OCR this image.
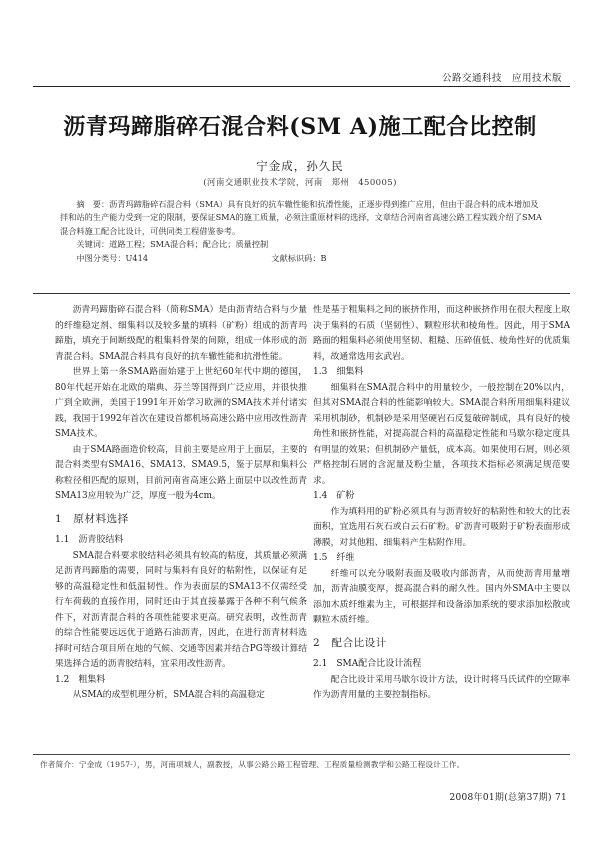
公路交通科技　应用技术版
沥青玛蹄脂碎石混合料(SM A)施工配合比控制
宁金成，孙久民
(河南交通职业技术学院，河南　郑州　450005)

摘　要：沥青玛蹄脂碎石混合料（SMA）具有良好的抗车辙性能和抗滑性能，正逐步得到推广应用，但由于混合料的成本增加及拌和站的生产能力受到一定的限制，要保证SMA的施工质量，必须注重原材料的选择，文章结合河南省高速公路工程实践介绍了SMA混合料施工配合比设计，可供同类工程借鉴参考。

关键词：道路工程；SMA混合料；配合比；质量控制
中图分类号：U414	文献标识码：B

沥青玛蹄脂碎石混合料（简称SMA）是由沥青结合料与少量的纤维稳定剂、细集料以及较多量的填料（矿粉）组成的沥青玛蹄脂，填充于间断级配的粗集料骨架的间隙，组成一体形成的沥青混合料。SMA混合料具有良好的抗车辙性能和抗滑性能。

世界上第一条SMA路面始建于上世纪60年代中期的德国，80年代起开始在北欧的瑞典、芬兰等国得到广泛应用，并很快推广到全欧洲，美国于1991年开始学习欧洲的SMA技术并付诸实践，我国于1992年首次在建设首都机场高速公路中应用改性沥青SMA技术。

由于SMA路面造价较高，目前主要是应用于上面层，主要的混合料类型有SMA16、SMA13、SMA9.5，鉴于层厚和集料公称粒径相匹配的原则，目前河南省高速公路上面层中以改性沥青SMA13应用较为广泛，厚度一般为4cm。

1　原材料选择
1.1　沥青胶结料

SMA混合料要求胶结料必须具有较高的粘度，其质量必须满足沥青玛蹄脂的需要，同时与集料有良好的粘附性，以保证有足够的高温稳定性和低温韧性。作为表面层的SMA13不仅需经受行车荷载的直接作用，同时还由于其直接暴露于各种不利气候条件下，对沥青混合料的各项性能要求更高。研究表明，改性沥青的综合性能要远远优于道路石油沥青，因此，在进行沥青材料选择时可结合项目所在地的气候、交通等因素并结合PG等级计算结果选择合适的沥青胶结料，宜采用改性沥青。

1.2　粗集料

从SMA的成型机理分析，SMA混合料的高温稳定

性是基于粗集料之间的嵌挤作用，而这种嵌挤作用在很大程度上取决于集料的石质（坚韧性）、颗粒形状和棱角性。因此，用于SMA路面的粗集料必须使用坚韧、粗糙、压碎值低、棱角性好的优质集料，故通常选用玄武岩。

1.3　细集料

细集料在SMA混合料中的用量较少，一般控制在20%以内，但其对SMA混合料的性能影响较大。SMA混合料所用细集料建议采用机制砂，机制砂是采用坚硬岩石反复破碎制成，具有良好的棱角性和嵌挤性能，对提高混合料的高温稳定性能和马歇尔稳定度具有明显的效果；但机制砂产量低，成本高。如果使用石屑，则必须严格控制石屑的含泥量及粉尘量，各项技术指标必须满足规范要求。

1.4　矿粉

作为填料用的矿粉必须具有与沥青较好的粘附性和较大的比表面积，宜选用石灰石或白云石矿粉。矿沥青可吸附于矿粉表面形成薄膜，对其他粗、细集料产生粘附作用。

1.5　纤维

纤维可以充分吸附表面及吸收内部沥青，从而使沥青用量增加，沥青油膜变厚，提高混合料的耐久性。国内外SMA中主要以添加木质纤维素为主，可根据拌和设备添加系统的要求添加松散或颗粒木质纤维。

2　配合比设计
2.1　SMA配合比设计流程

配合比设计采用马歇尔设计方法，设计时将马氏试件的空隙率作为沥青用量的主要控制指标。

作者简介：宁金成（1957-），男，河南项城人，副教授，从事公路公路工程管理、工程质量检测教学和公路工程设计工作。
2008年01期(总第37期) 71
